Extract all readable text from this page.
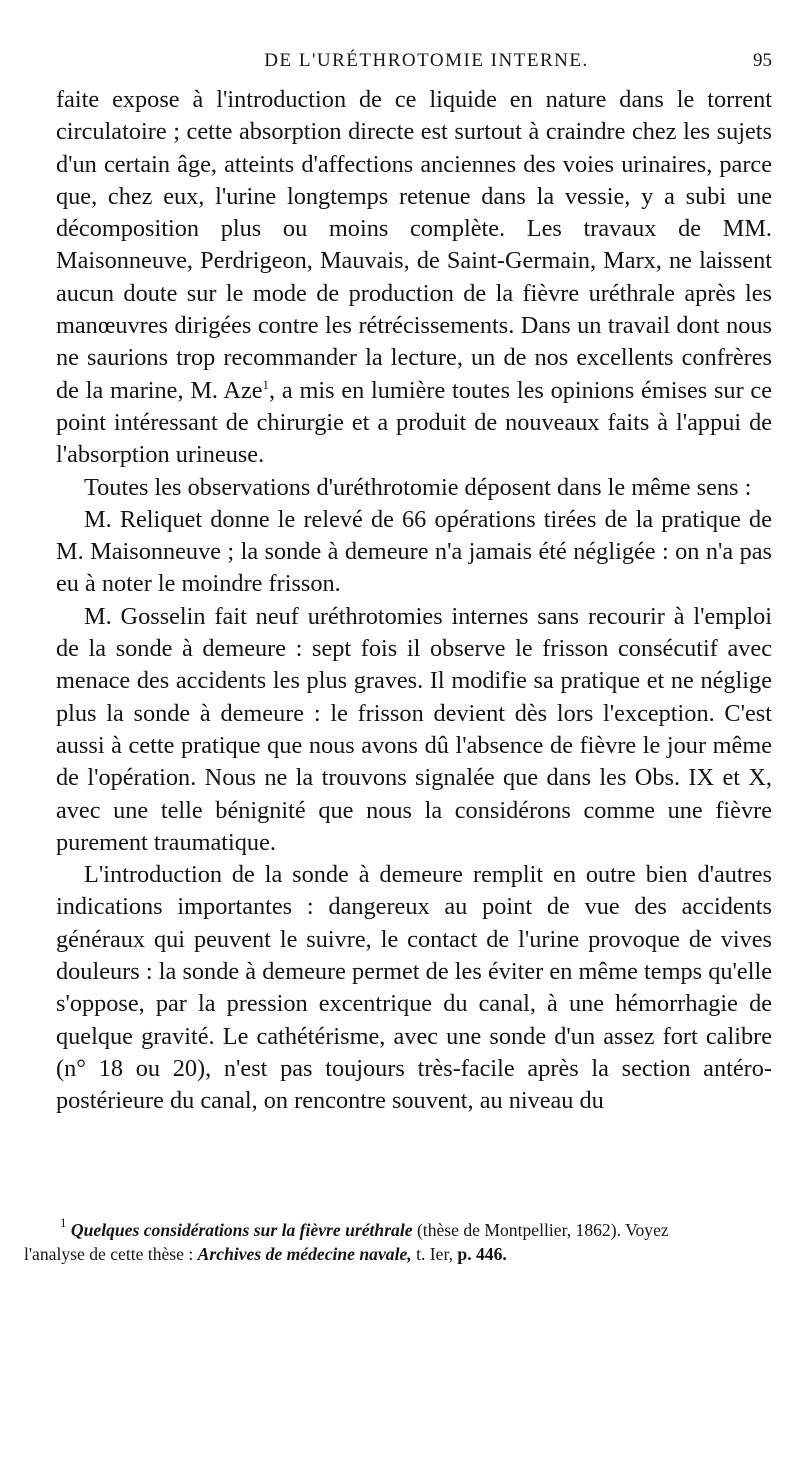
DE L'URÉTHROTOMIE INTERNE.	95

faite expose à l'introduction de ce liquide en nature dans le torrent circulatoire ; cette absorption directe est surtout à craindre chez les sujets d'un certain âge, atteints d'affections anciennes des voies urinaires, parce que, chez eux, l'urine longtemps retenue dans la vessie, y a subi une décomposition plus ou moins complète. Les travaux de MM. Maisonneuve, Perdrigeon, Mauvais, de Saint-Germain, Marx, ne laissent aucun doute sur le mode de production de la fièvre uréthrale après les manœuvres dirigées contre les rétrécissements. Dans un travail dont nous ne saurions trop recommander la lecture, un de nos excellents confrères de la marine, M. Aze$^1$, a mis en lumière toutes les opinions émises sur ce point intéressant de chirurgie et a produit de nouveaux faits à l'appui de l'absorption urineuse.

Toutes les observations d'uréthrotomie déposent dans le même sens :

M. Reliquet donne le relevé de 66 opérations tirées de la pratique de M. Maisonneuve ; la sonde à demeure n'a jamais été négligée : on n'a pas eu à noter le moindre frisson.

M. Gosselin fait neuf uréthrotomies internes sans recourir à l'emploi de la sonde à demeure : sept fois il observe le frisson consécutif avec menace des accidents les plus graves. Il modifie sa pratique et ne néglige plus la sonde à demeure : le frisson devient dès lors l'exception. C'est aussi à cette pratique que nous avons dû l'absence de fièvre le jour même de l'opération. Nous ne la trouvons signalée que dans les Obs. IX et X, avec une telle bénignité que nous la considérons comme une fièvre purement traumatique.

L'introduction de la sonde à demeure remplit en outre bien d'autres indications importantes : dangereux au point de vue des accidents généraux qui peuvent le suivre, le contact de l'urine provoque de vives douleurs : la sonde à demeure permet de les éviter en même temps qu'elle s'oppose, par la pression excentrique du canal, à une hémorrhagie de quelque gravité. Le cathétérisme, avec une sonde d'un assez fort calibre (n° 18 ou 20), n'est pas toujours très-facile après la section antéro-postérieure du canal, on rencontre souvent, au niveau du

$^1$ Quelques considérations sur la fièvre uréthrale (thèse de Montpellier, 1862). Voyez l'analyse de cette thèse : Archives de médecine navale, t. Ier, p. 446.
